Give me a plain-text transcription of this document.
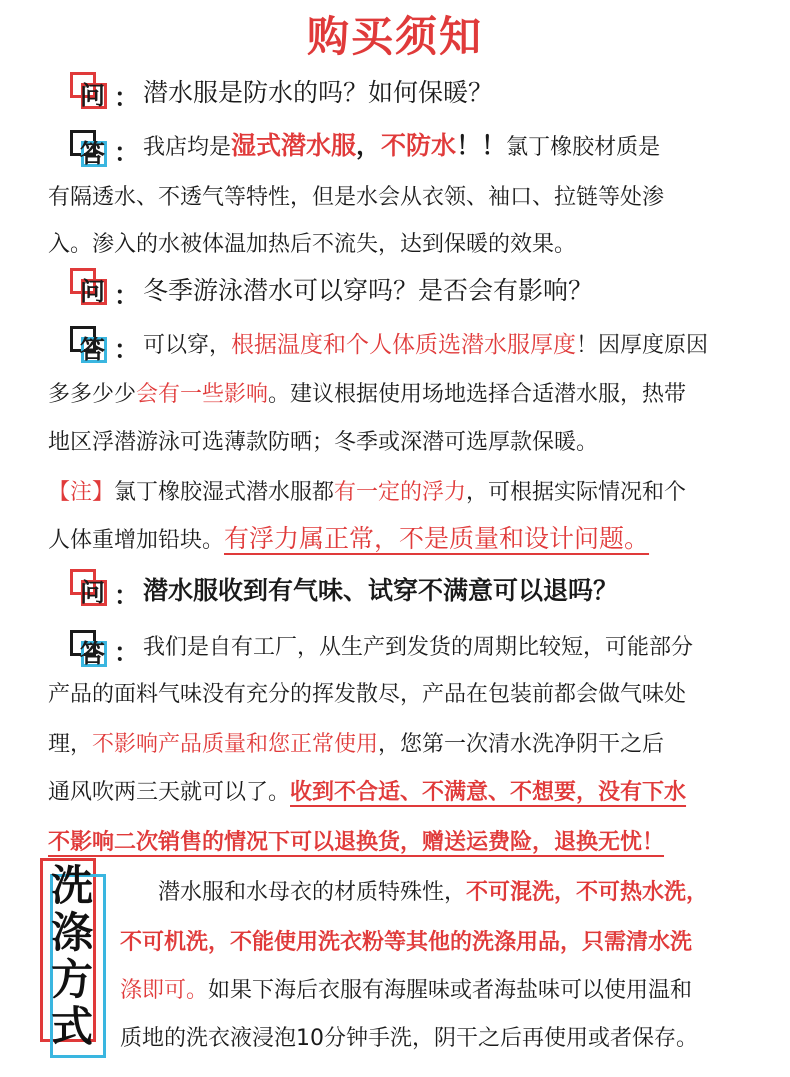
购买须知
问 ： 潜水服是防水的吗？如何保暖？
答 ： 我店均是湿式潜水服，不防水！！氯丁橡胶材质是
有隔透水、不透气等特性，但是水会从衣领、袖口、拉链等处渗
入。渗入的水被体温加热后不流失，达到保暖的效果。
问 ： 冬季游泳潜水可以穿吗？是否会有影响？
答 ： 可以穿，根据温度和个人体质选潜水服厚度！因厚度原因
多多少少会有一些影响。建议根据使用场地选择合适潜水服，热带
地区浮潜游泳可选薄款防晒；冬季或深潜可选厚款保暖。
【注】氯丁橡胶湿式潜水服都有一定的浮力，可根据实际情况和个
人体重增加铅块。有浮力属正常，不是质量和设计问题。
问 ： 潜水服收到有气味、试穿不满意可以退吗？
答 ： 我们是自有工厂，从生产到发货的周期比较短，可能部分
产品的面料气味没有充分的挥发散尽，产品在包装前都会做气味处
理，不影响产品质量和您正常使用，您第一次清水洗净阴干之后
通风吹两三天就可以了。收到不合适、不满意、不想要，没有下水
不影响二次销售的情况下可以退换货，赠送运费险，退换无忧！
洗涤方式
潜水服和水母衣的材质特殊性，不可混洗，不可热水洗，
不可机洗，不能使用洗衣粉等其他的洗涤用品，只需清水洗
涤即可。如果下海后衣服有海腥味或者海盐味可以使用温和
质地的洗衣液浸泡10分钟手洗，阴干之后再使用或者保存。
